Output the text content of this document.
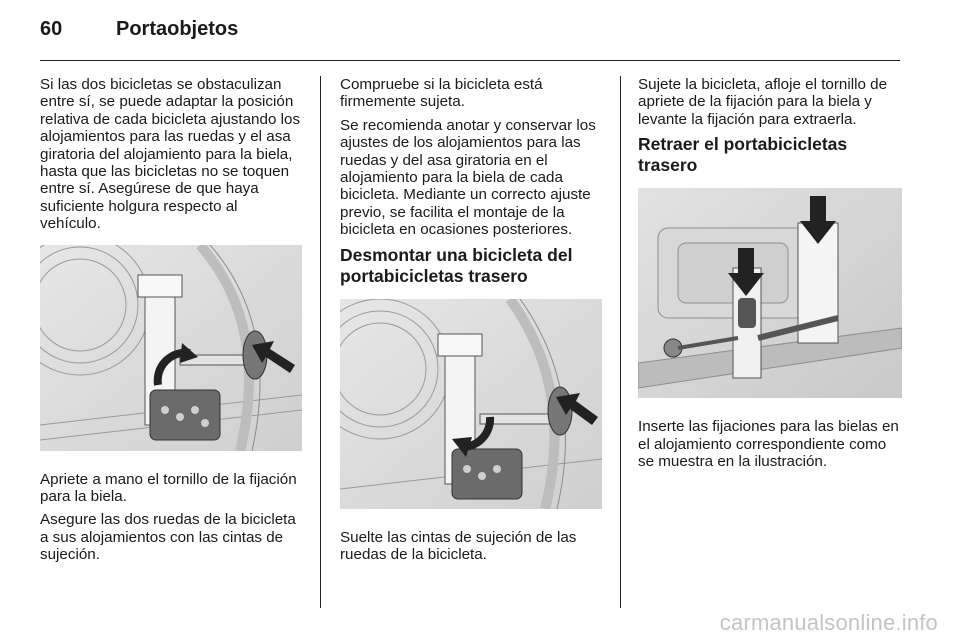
60	Portaobjetos

Si las dos bicicletas se obstaculizan entre sí, se puede adaptar la posición relativa de cada bicicleta ajustando los alojamientos para las ruedas y el asa giratoria del alojamiento para la biela, hasta que las bicicletas no se toquen entre sí. Asegúrese de que haya suficiente holgura respecto al vehículo.

Apriete a mano el tornillo de la fijación para la biela.

Asegure las dos ruedas de la bicicleta a sus alojamientos con las cintas de sujeción.

Compruebe si la bicicleta está firmemente sujeta.

Se recomienda anotar y conservar los ajustes de los alojamientos para las ruedas y del asa giratoria en el alojamiento para la biela de cada bicicleta. Mediante un correcto ajuste previo, se facilita el montaje de la bicicleta en ocasiones posteriores.

Desmontar una bicicleta del portabicicletas trasero

Suelte las cintas de sujeción de las ruedas de la bicicleta.

Sujete la bicicleta, afloje el tornillo de apriete de la fijación para la biela y levante la fijación para extraerla.

Retraer el portabicicletas trasero

Inserte las fijaciones para las bielas en el alojamiento correspondiente como se muestra en la ilustración.

carmanualsonline.info
